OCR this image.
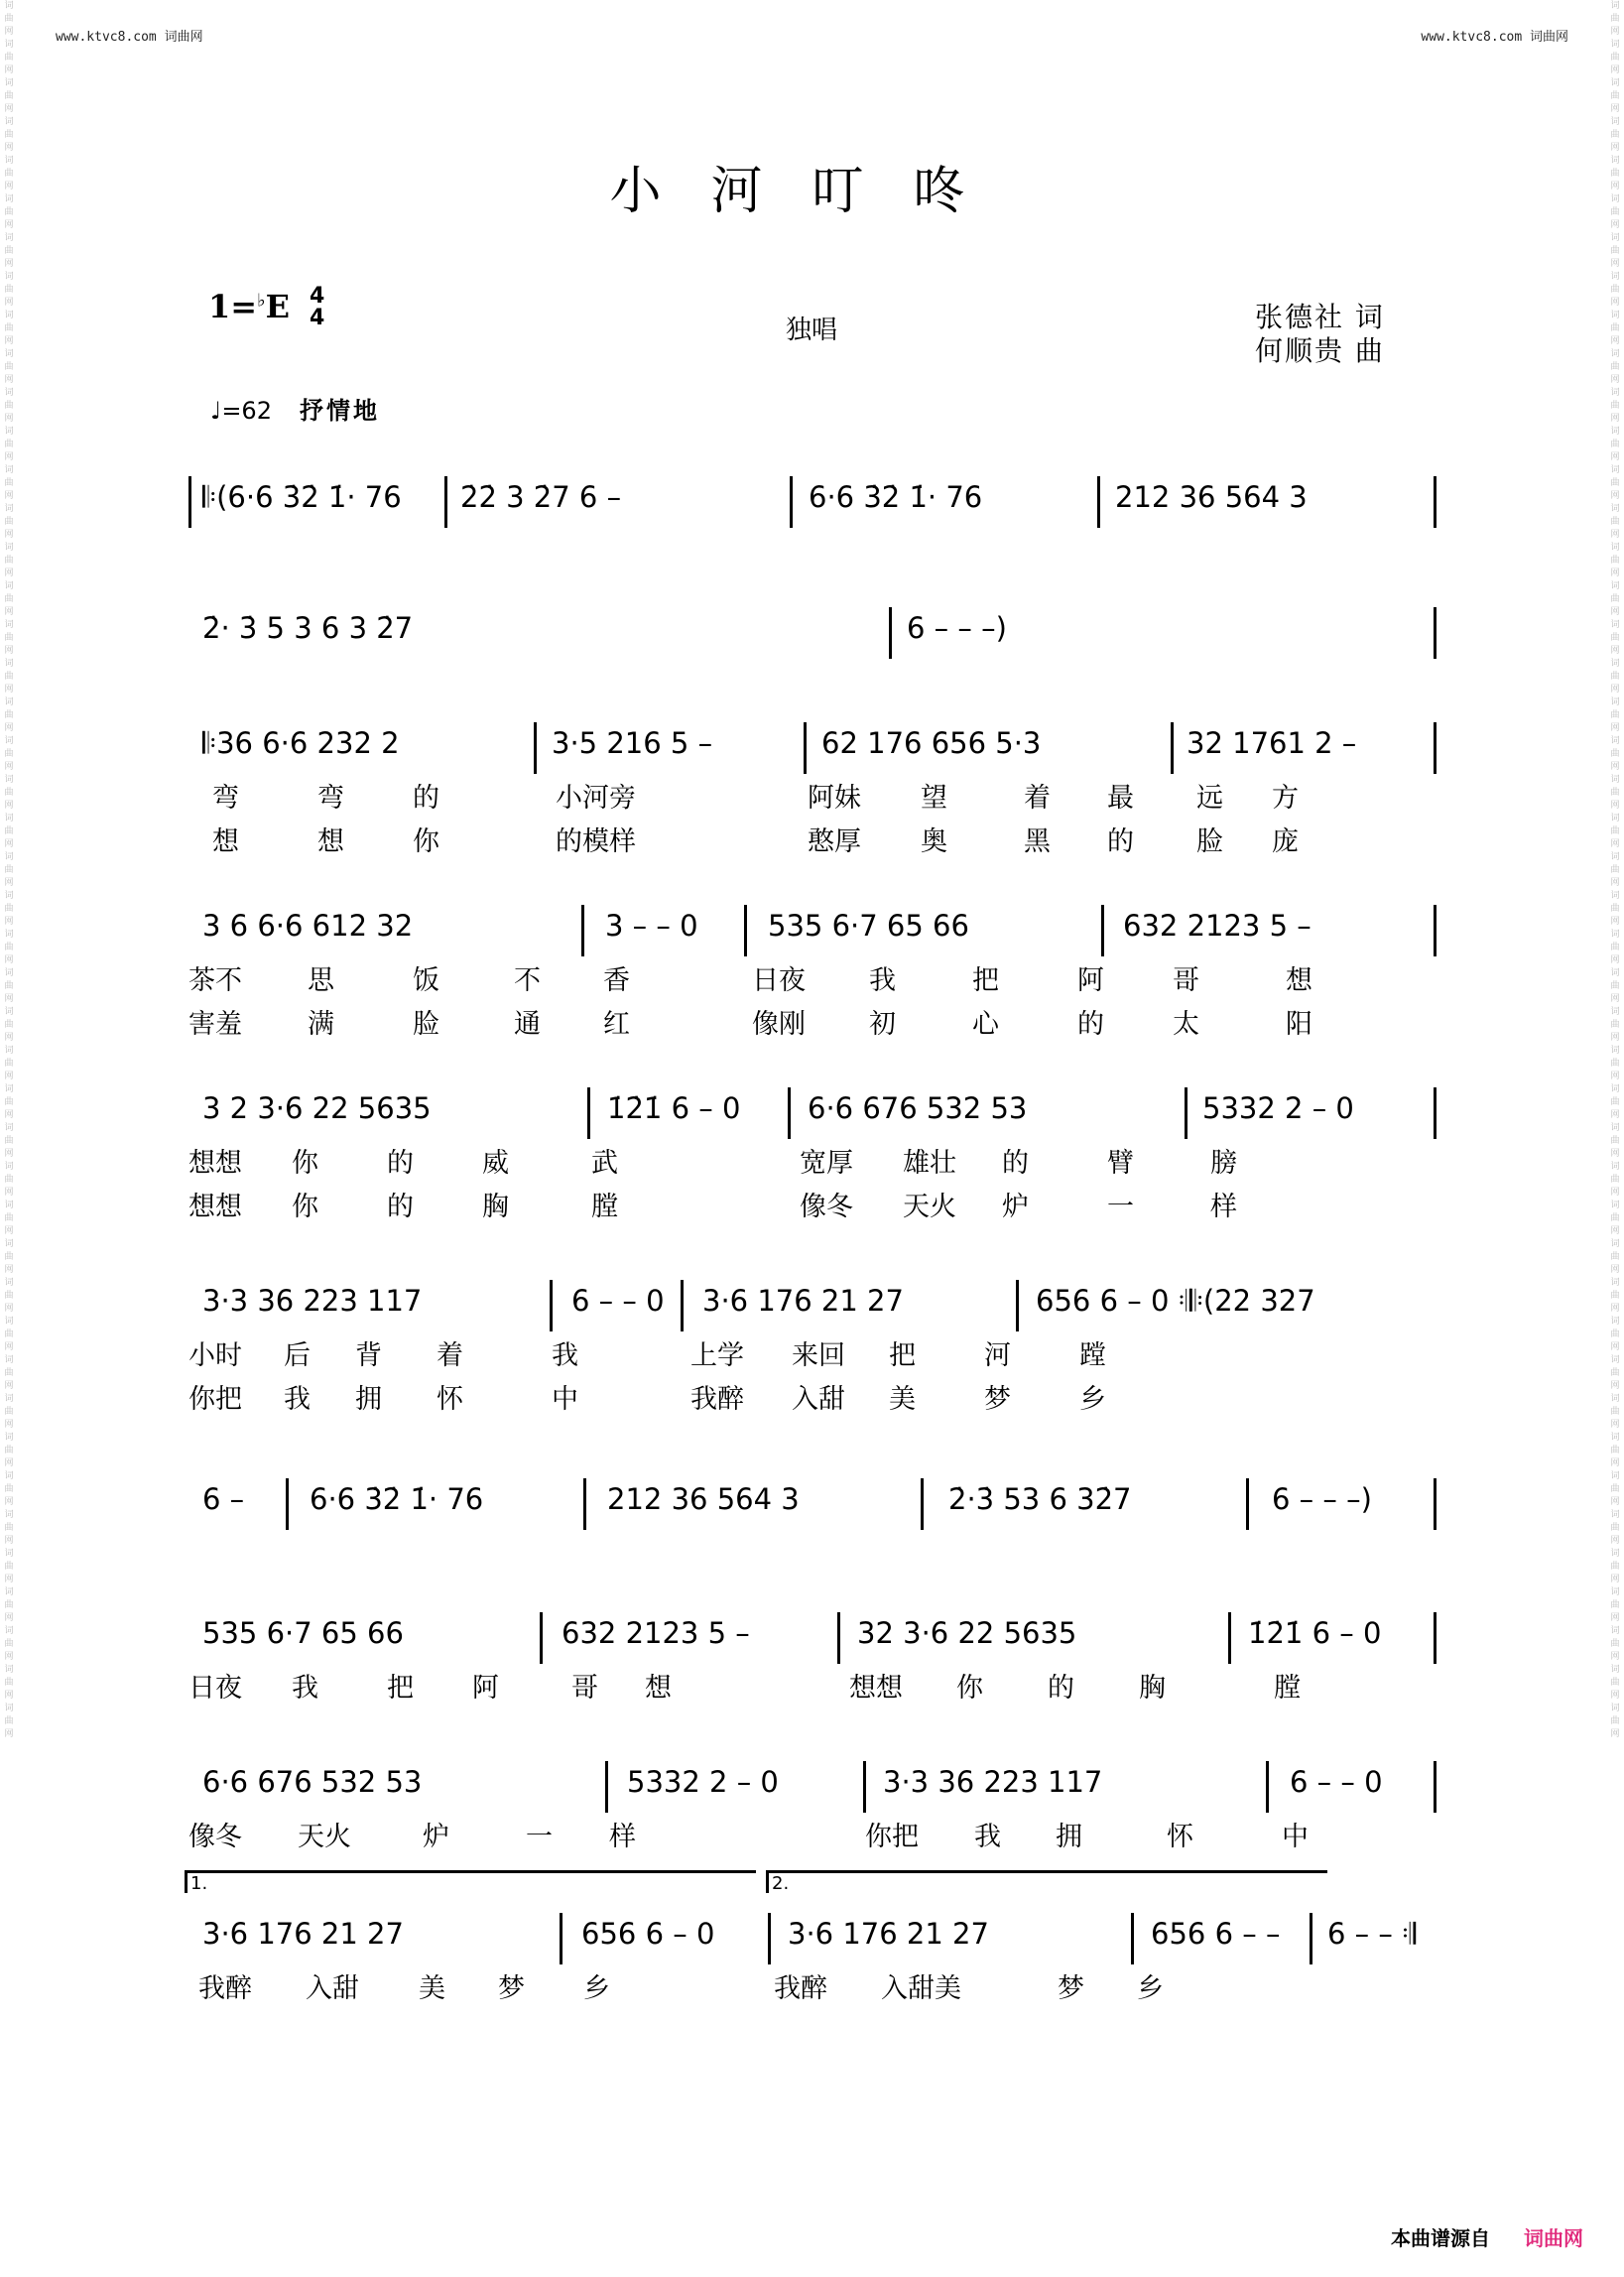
www.ktvc8.com 词曲网	www.ktvc8.com 词曲网
词曲网词曲网词曲网词曲网词曲网词曲网词曲网词曲网词曲网词曲网词曲网词曲网词曲网词曲网词曲网词曲网词曲网词曲网词曲网词曲网词曲网词曲网词曲网词曲网词曲网词曲网词曲网词曲网词曲网词曲网词曲网词曲网词曲网词曲网词曲网词曲网词曲网词曲网词曲网词曲网词曲网词曲网词曲网词曲网词曲网
词曲网词曲网词曲网词曲网词曲网词曲网词曲网词曲网词曲网词曲网词曲网词曲网词曲网词曲网词曲网词曲网词曲网词曲网词曲网词曲网词曲网词曲网词曲网词曲网词曲网词曲网词曲网词曲网词曲网词曲网词曲网词曲网词曲网词曲网词曲网词曲网词曲网词曲网词曲网词曲网词曲网词曲网词曲网词曲网词曲网
小河叮咚
1=♭E 4
4	独唱	张德社 词
何顺贵 曲
♩=62 抒情地
𝄆(6·6 3̇2̇ 1̇· 76 2̇2̇ 3 2̇7 6 –	6·6 3̇2̇ 1̇· 76	212 36 564 3
2̇· 3̇ 5 3 6 3 2̇7	6 – – –)
𝄆36 6·6 232 2	3·5 216 5 –	62 176 656 5·3	32 1761 2 –
弯	弯	的	小河旁	阿妹 望	着 最 远 方
想	想	你	的模样	憨厚 奥	黑 的 脸 庞
3 6 6·6 612 32	3 – – 0 535 6·7 65 66	632 2123 5 –
茶不 思	饭	不 香	日夜 我	把	阿	哥	想
害羞 满	脸	通 红	像刚 初	心	的	太	阳
3 2 3·6 22 5635	1̇2̇1̇ 6 – 0 6·6 676 532 53	5332 2 – 0
想想 你	的	威	武	宽厚 雄壮 的	臂	膀
想想 你	的	胸	膛	像冬 天火 炉	一	样
3·3 36 223 117	6 – – 0 3·6 176 21 27	656 6 – 0 𝄇𝄆(22 327
小时 后 背 着	我	上学 来回 把	河	蹚
你把 我 拥 怀	中	我醉 入甜 美	梦	乡
6 – 6·6 3̇2̇ 1̇· 76	212 36 564 3	2̇·3̇ 53 6 32̇7	6 – – –)
535 6·7 65 66	632 2123 5 –	32 3·6 22 5635	1̇2̇1̇ 6 – 0
日夜 我	把 阿	哥 想	想想 你 的 胸	膛
6·6 676 532 53	5332 2 – 0	3·3 36 223 117	6 – – 0
像冬 天火	炉	一 样	你把 我 拥	怀	中
3·6 176 21 27	656 6 – 0	3·6 176 21 27	656 6 – – 6 – – 𝄇
我醉 入甜 美 梦 乡	我醉 入甜美	梦 乡
1.	2.
本曲谱源自 词曲网
